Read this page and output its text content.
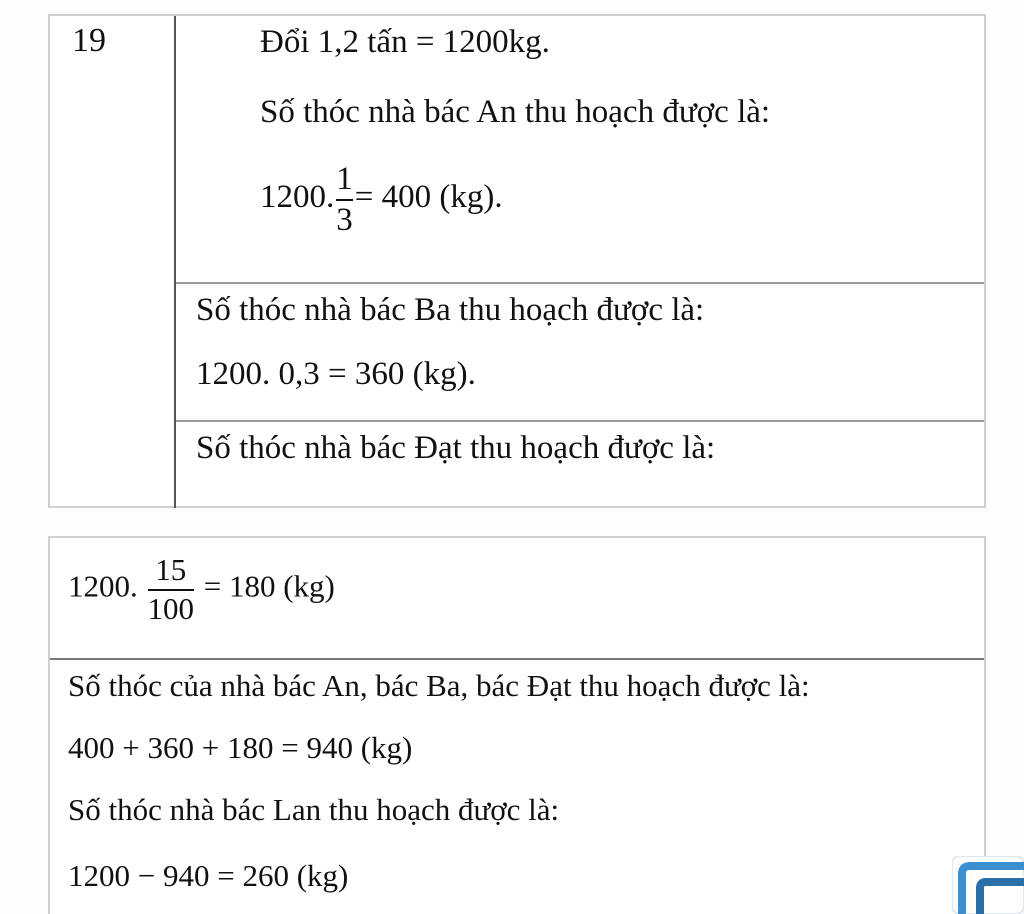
19	Đổi 1,2 tấn = 1200kg.
Số thóc nhà bác An thu hoạch được là:
1200. $\frac{1}{3} = 400$ (kg).
Số thóc nhà bác Ba thu hoạch được là:
1200. 0,3 = 360 (kg).
Số thóc nhà bác Đạt thu hoạch được là:
1200. $\frac{15}{100} = 180$ (kg)
Số thóc của nhà bác An, bác Ba, bác Đạt thu hoạch được là:
400 + 360 + 180 = 940 (kg)
Số thóc nhà bác Lan thu hoạch được là:
1200 − 940 = 260 (kg)
